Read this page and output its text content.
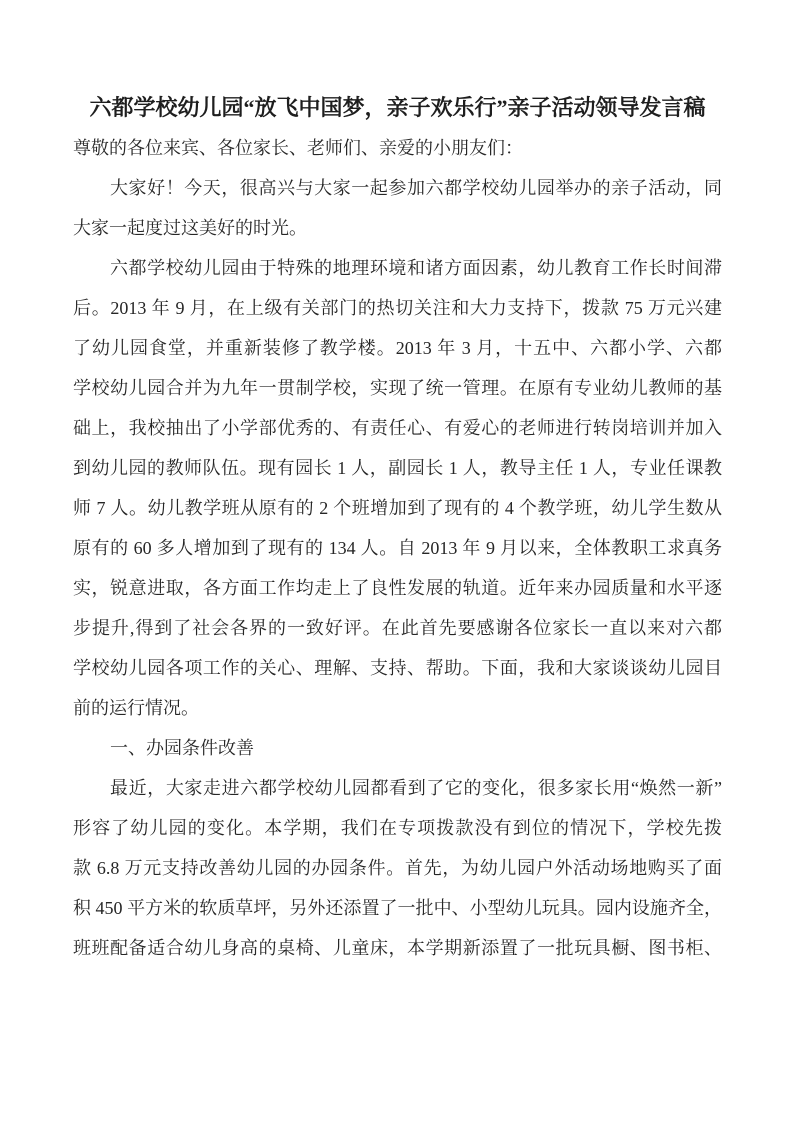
六都学校幼儿园“放飞中国梦，亲子欢乐行”亲子活动领导发言稿
尊敬的各位来宾、各位家长、老师们、亲爱的小朋友们：
大家好！今天，很高兴与大家一起参加六都学校幼儿园举办的亲子活动，同
大家一起度过这美好的时光。
六都学校幼儿园由于特殊的地理环境和诸方面因素，幼儿教育工作长时间滞
后。2013 年 9 月，在上级有关部门的热切关注和大力支持下，拨款 75 万元兴建
了幼儿园食堂，并重新装修了教学楼。2013 年 3 月，十五中、六都小学、六都
学校幼儿园合并为九年一贯制学校，实现了统一管理。在原有专业幼儿教师的基
础上，我校抽出了小学部优秀的、有责任心、有爱心的老师进行转岗培训并加入
到幼儿园的教师队伍。现有园长 1 人，副园长 1 人，教导主任 1 人，专业任课教
师 7 人。幼儿教学班从原有的 2 个班增加到了现有的 4 个教学班，幼儿学生数从
原有的 60 多人增加到了现有的 134 人。自 2013 年 9 月以来，全体教职工求真务
实，锐意进取，各方面工作均走上了良性发展的轨道。近年来办园质量和水平逐
步提升,得到了社会各界的一致好评。在此首先要感谢各位家长一直以来对六都
学校幼儿园各项工作的关心、理解、支持、帮助。下面，我和大家谈谈幼儿园目
前的运行情况。
一、办园条件改善
最近，大家走进六都学校幼儿园都看到了它的变化，很多家长用“焕然一新”
形容了幼儿园的变化。本学期，我们在专项拨款没有到位的情况下，学校先拨
款 6.8 万元支持改善幼儿园的办园条件。首先，为幼儿园户外活动场地购买了面
积 450 平方米的软质草坪，另外还添置了一批中、小型幼儿玩具。园内设施齐全，
班班配备适合幼儿身高的桌椅、儿童床，本学期新添置了一批玩具橱、图书柜、
